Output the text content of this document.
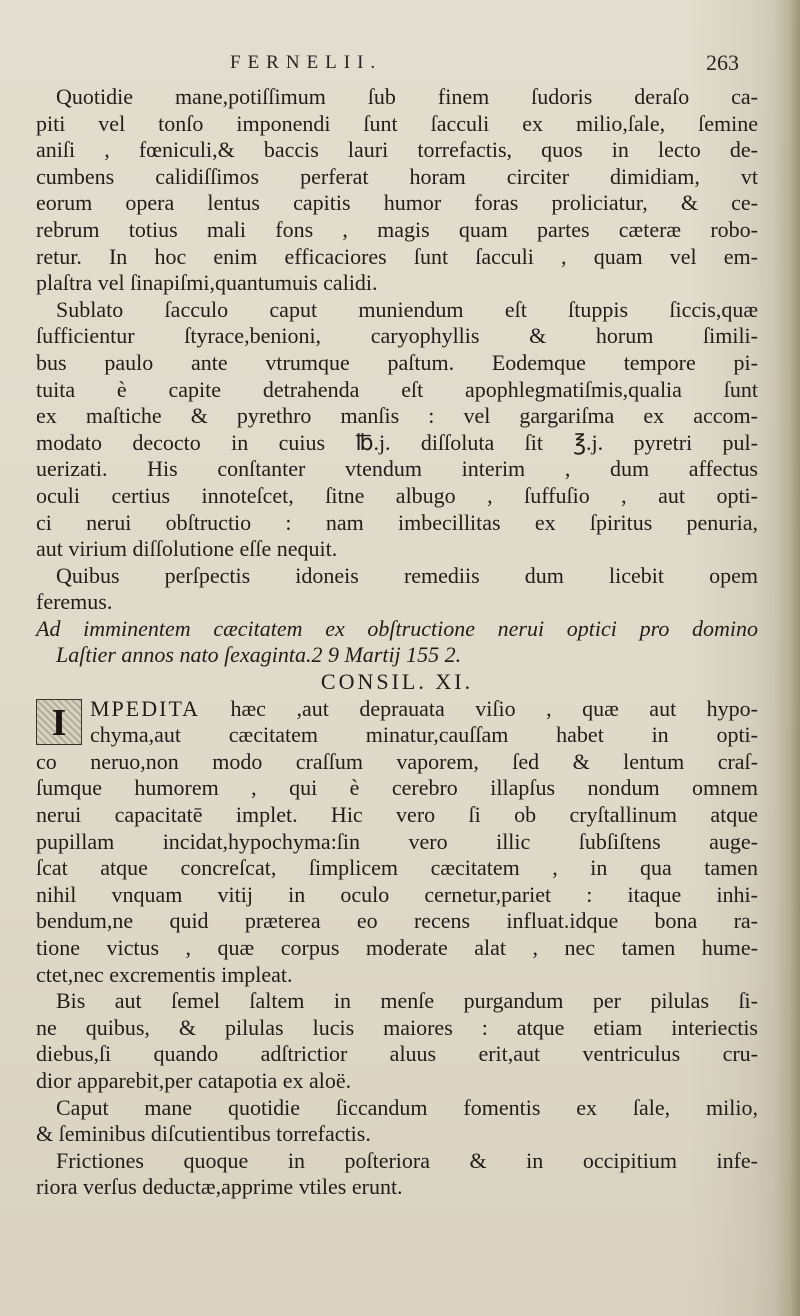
FERNELII.	263
Quotidie mane,potiſſimum ſub finem ſudoris deraſo ca-
piti vel tonſo imponendi ſunt ſacculi ex milio,ſale, ſemine
aniſi , fœniculi,& baccis lauri torrefactis, quos in lecto de-
cumbens calidiſſimos perferat horam circiter dimidiam, vt
eorum opera lentus capitis humor foras proliciatur, & ce-
rebrum totius mali fons , magis quam partes cæteræ robo-
retur. In hoc enim efficaciores ſunt ſacculi , quam vel em-
plaſtra vel ſinapiſmi,quantumuis calidi.
Sublato ſacculo caput muniendum eſt ſtuppis ſiccis,quæ
ſufficientur ſtyrace,benioni, caryophyllis & horum ſimili-
bus paulo ante vtrumque paſtum. Eodemque tempore pi-
tuita è capite detrahenda eſt apophlegmatiſmis,qualia ſunt
ex maſtiche & pyrethro manſis : vel gargariſma ex accom-
modato decocto in cuius ℔.j. diſſoluta ſit ℥.j. pyretri pul-
uerizati. His conſtanter vtendum interim , dum affectus
oculi certius innoteſcet, ſitne albugo , ſuffuſio , aut opti-
ci nerui obſtructio : nam imbecillitas ex ſpiritus penuria,
aut virium diſſolutione eſſe nequit.
Quibus perſpectis idoneis remediis dum licebit opem
feremus.
Ad imminentem cæcitatem ex obſtructione nerui optici pro domino
Laſtier annos nato ſexaginta.2 9 Martij 155 2.
CONSIL. XI.
I	MPEDITA hæc ,aut deprauata viſio , quæ aut hypo-
chyma,aut cæcitatem minatur,cauſſam habet in opti-
co neruo,non modo craſſum vaporem, ſed & lentum craſ-
ſumque humorem , qui è cerebro illapſus nondum omnem
nerui capacitatē implet. Hic vero ſi ob cryſtallinum atque
pupillam incidat,hypochyma:ſin vero illic ſubſiſtens auge-
ſcat atque concreſcat, ſimplicem cæcitatem , in qua tamen
nihil vnquam vitij in oculo cernetur,pariet : itaque inhi-
bendum,ne quid præterea eo recens influat.idque bona ra-
tione victus , quæ corpus moderate alat , nec tamen hume-
ctet,nec excrementis impleat.
Bis aut ſemel ſaltem in menſe purgandum per pilulas ſi-
ne quibus, & pilulas lucis maiores : atque etiam interiectis
diebus,ſi quando adſtrictior aluus erit,aut ventriculus cru-
dior apparebit,per catapotia ex aloë.
Caput mane quotidie ſiccandum fomentis ex ſale, milio,
& ſeminibus diſcutientibus torrefactis.
Frictiones quoque in poſteriora & in occipitium infe-
riora verſus deductæ,apprime vtiles erunt.
